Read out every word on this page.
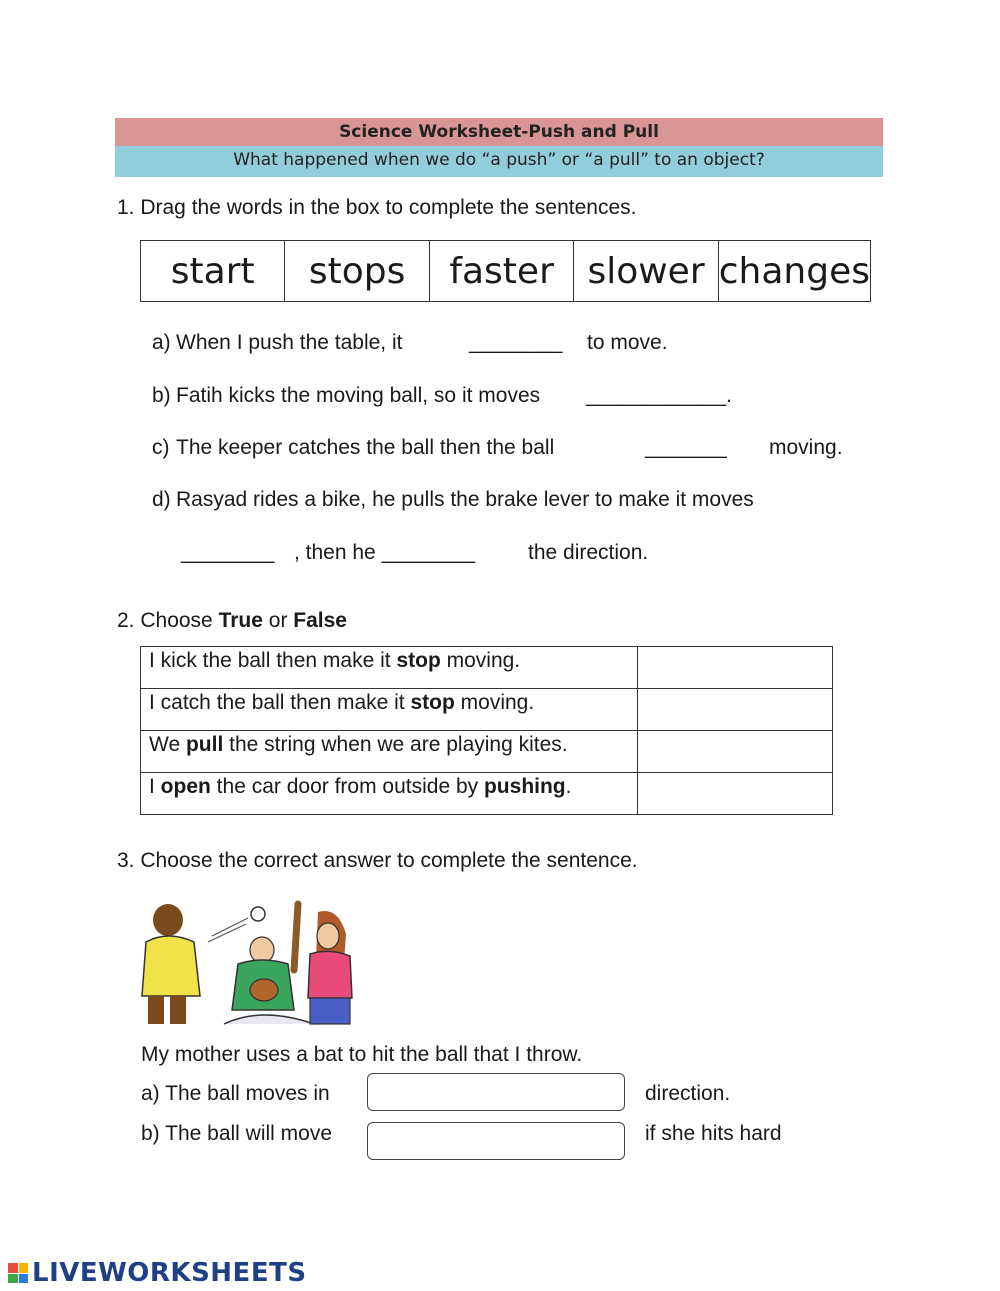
Science Worksheet-Push and Pull
What happened when we do “a push” or “a pull” to an object?
1. Drag the words in the box to complete the sentences.
start	stops	faster slower changes
a) When I push the table, it	________ to move.
b) Fatih kicks the moving ball, so it moves ____________.
c) The keeper catches the ball then the ball	_______ moving.
d) Rasyad rides a bike, he pulls the brake lever to make it moves
________ , then he ________	the direction.
2. Choose True or False
I kick the ball then make it stop moving.	
I catch the ball then make it stop moving.	
We pull the string when we are playing kites.	
I open the car door from outside by pushing.	
3. Choose the correct answer to complete the sentence.
My mother uses a bat to hit the ball that I throw.
a) The ball moves in	direction.
b) The ball will move	if she hits hard
LIVEWORKSHEETS
